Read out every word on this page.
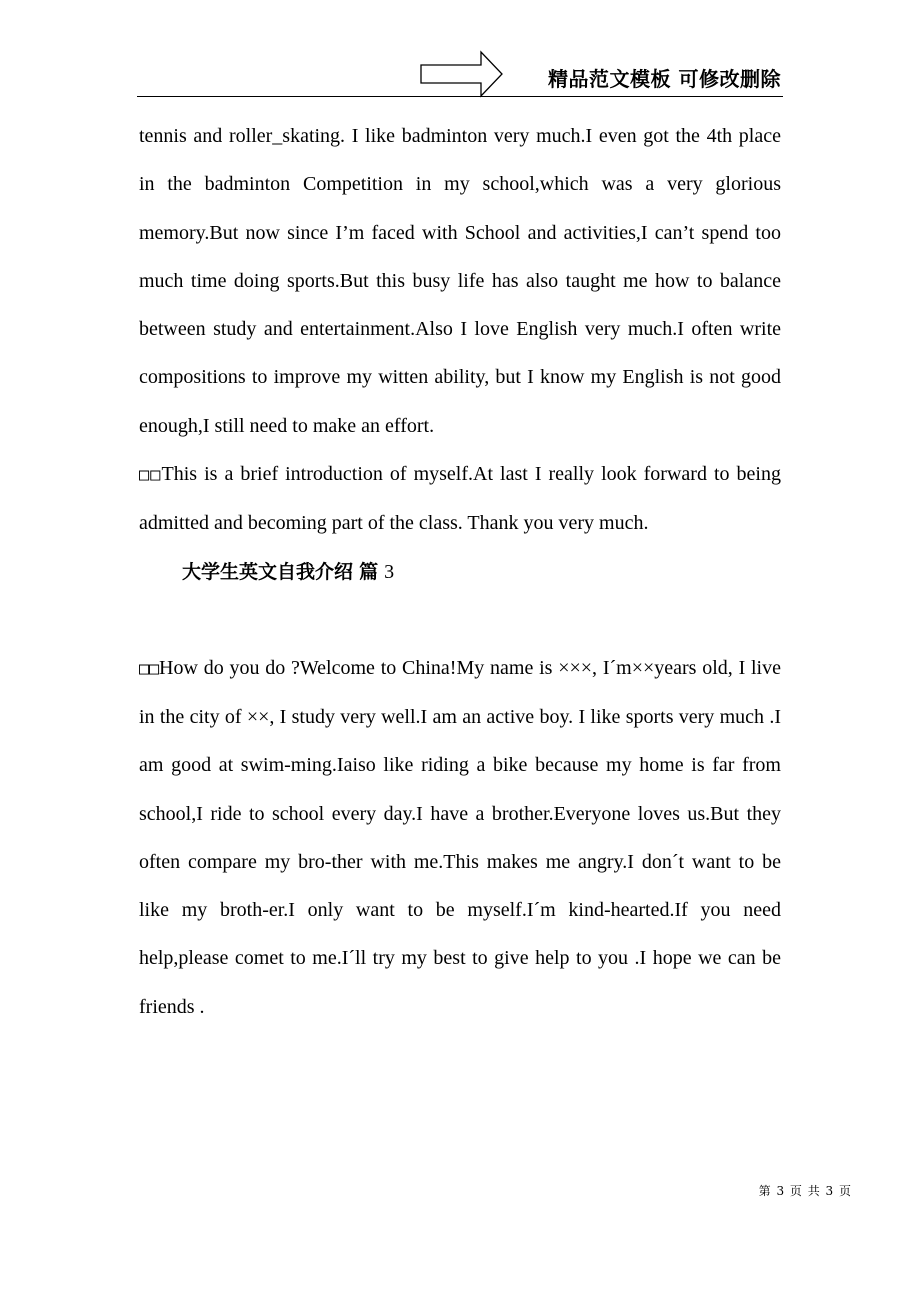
精品范文模板 可修改删除

tennis and roller_skating. I like badminton very much.I even got the 4th place in the badminton Competition in my school,which was a very glorious memory.But now since I’m faced with School and activities,I can’t spend too much time doing sports.But this busy life has also taught me how to balance between study and entertainment.Also I love English very much.I often write compositions to improve my witten ability, but I know my English is not good enough,I still need to make an effort.

□□This is a brief introduction of myself.At last I really look forward to being admitted and becoming part of the class. Thank you very much.

大学生英文自我介绍 篇 3

□□How do you do ?Welcome to China!My name is ×××, I´m××years old, I live in the city of ××, I study very well.I am an active boy. I like sports very much .I am good at swim-ming.Iaiso like riding a bike because my home is far from school,I ride to school every day.I have a brother.Everyone loves us.But they often compare my bro-ther with me.This makes me angry.I don´t want to be like my broth-er.I only want to be myself.I´m kind-hearted.If you need help,please comet to me.I´ll try my best to give help to you .I hope we can be friends .

第 3 页 共 3 页
